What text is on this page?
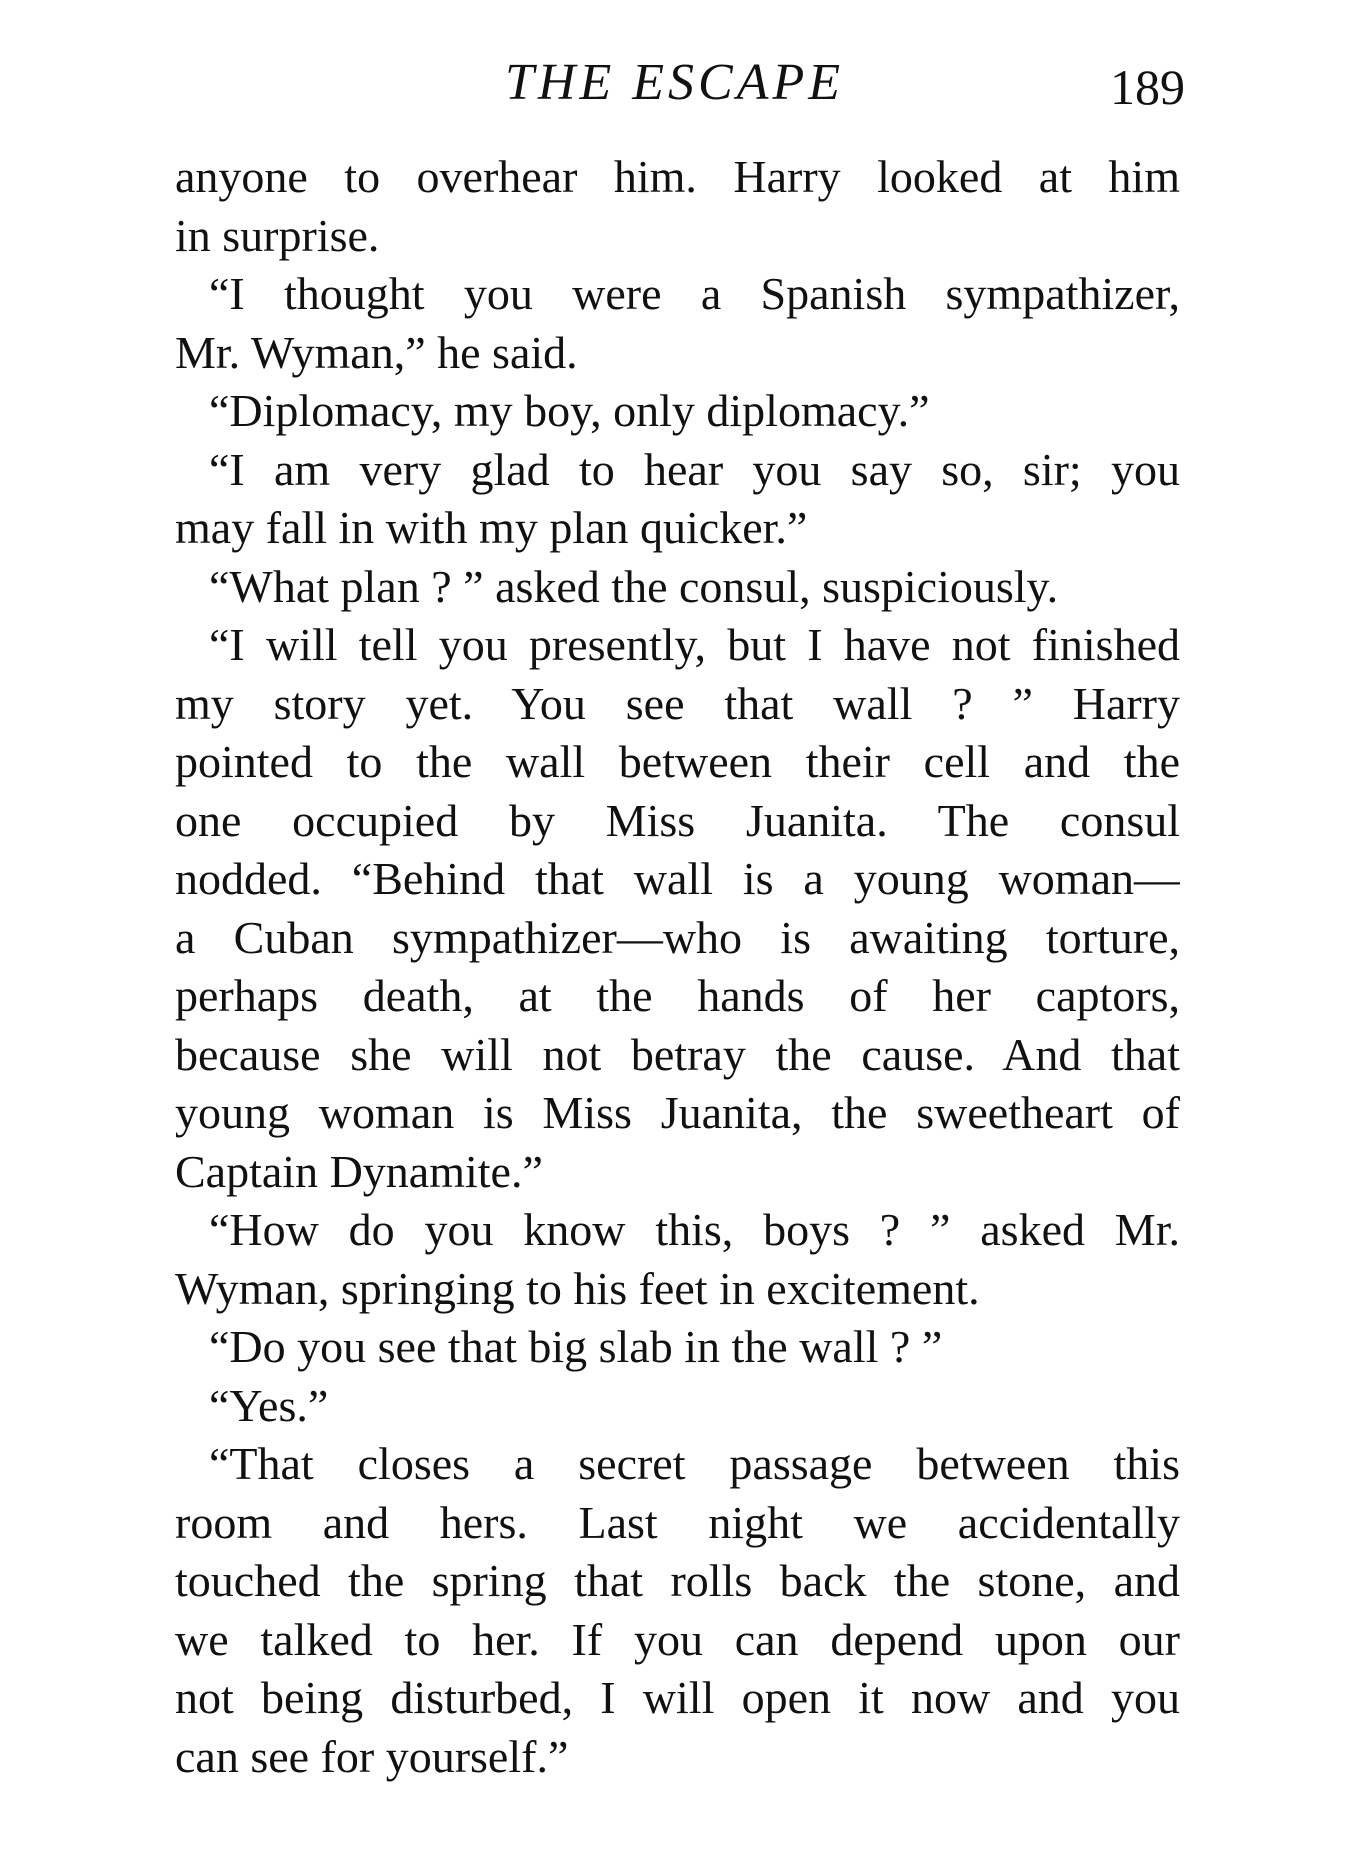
THE ESCAPE	189

anyone to overhear him. Harry looked at him
in surprise.

“I thought you were a Spanish sympathizer,
Mr. Wyman,” he said.

“Diplomacy, my boy, only diplomacy.”

“I am very glad to hear you say so, sir; you
may fall in with my plan quicker.”

“What plan ? ” asked the consul, suspiciously.

“I will tell you presently, but I have not finished
my story yet. You see that wall ? ” Harry
pointed to the wall between their cell and the
one occupied by Miss Juanita. The consul
nodded. “Behind that wall is a young woman—
a Cuban sympathizer—who is awaiting torture,
perhaps death, at the hands of her captors,
because she will not betray the cause. And that
young woman is Miss Juanita, the sweetheart of
Captain Dynamite.”

“How do you know this, boys ? ” asked Mr.
Wyman, springing to his feet in excitement.

“Do you see that big slab in the wall ? ”

“Yes.”

“That closes a secret passage between this
room and hers. Last night we accidentally
touched the spring that rolls back the stone, and
we talked to her. If you can depend upon our
not being disturbed, I will open it now and you
can see for yourself.”
